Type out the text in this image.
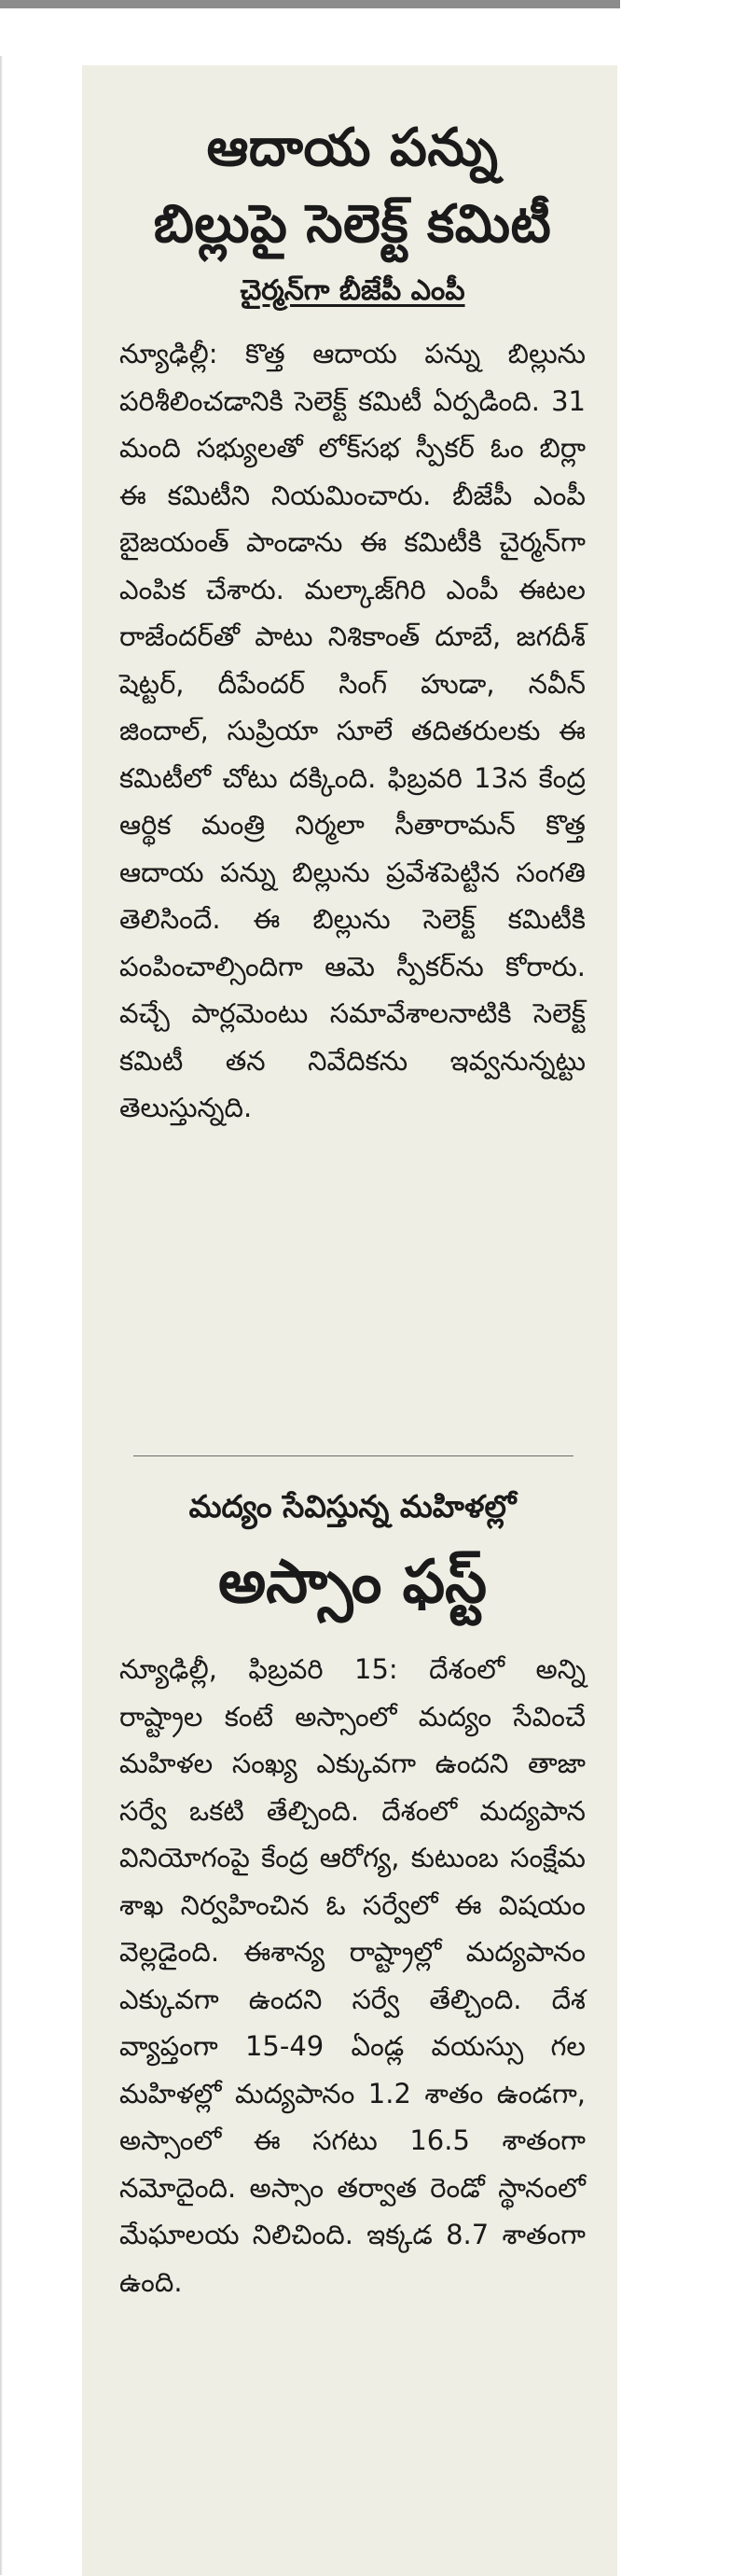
ఆదాయ పన్ను
బిల్లుపై సెలెక్ట్ కమిటీ
చైర్మన్‌గా బీజేపీ ఎంపీ

న్యూఢిల్లీ: కొత్త ఆదాయ పన్ను బిల్లును పరిశీలించడానికి సెలెక్ట్ కమిటీ ఏర్పడింది. 31 మంది సభ్యులతో లోక్‌సభ స్పీకర్ ఓం బిర్లా ఈ కమిటీని నియమించారు. బీజేపీ ఎంపీ బైజయంత్ పాండాను ఈ కమిటీకి చైర్మన్‌గా ఎంపిక చేశారు. మల్కాజ్‌గిరి ఎంపీ ఈటల రాజేందర్‌తో పాటు నిశికాంత్ దూబే, జగదీశ్ షెట్టర్, దీపేందర్ సింగ్ హుడా, నవీన్ జిందాల్, సుప్రియా సూలే తదితరులకు ఈ కమిటీలో చోటు దక్కింది. ఫిబ్రవరి 13న కేంద్ర ఆర్థిక మంత్రి నిర్మలా సీతారామన్ కొత్త ఆదాయ పన్ను బిల్లును ప్రవేశపెట్టిన సంగతి తెలిసిందే. ఈ బిల్లును సెలెక్ట్ కమిటీకి పంపించాల్సిందిగా ఆమె స్పీకర్‌ను కోరారు. వచ్చే పార్లమెంటు సమావేశాలనాటికి సెలెక్ట్ కమిటీ తన నివేదికను ఇవ్వనున్నట్టు తెలుస్తున్నది.

మద్యం సేవిస్తున్న మహిళల్లో
అస్సాం ఫస్ట్

న్యూఢిల్లీ, ఫిబ్రవరి 15: దేశంలో అన్ని రాష్ట్రాల కంటే అస్సాంలో మద్యం సేవించే మహిళల సంఖ్య ఎక్కువగా ఉందని తాజా సర్వే ఒకటి తేల్చింది. దేశంలో మద్యపాన వినియోగంపై కేంద్ర ఆరోగ్య, కుటుంబ సంక్షేమ శాఖ నిర్వహించిన ఓ సర్వేలో ఈ విషయం వెల్లడైంది. ఈశాన్య రాష్ట్రాల్లో మద్యపానం ఎక్కువగా ఉందని సర్వే తేల్చింది. దేశ వ్యాప్తంగా 15-49 ఏండ్ల వయస్సు గల మహిళల్లో మద్యపానం 1.2 శాతం ఉండగా, అస్సాంలో ఈ సగటు 16.5 శాతంగా నమోదైంది. అస్సాం తర్వాత రెండో స్థానంలో మేఘాలయ నిలిచింది. ఇక్కడ 8.7 శాతంగా ఉంది.
